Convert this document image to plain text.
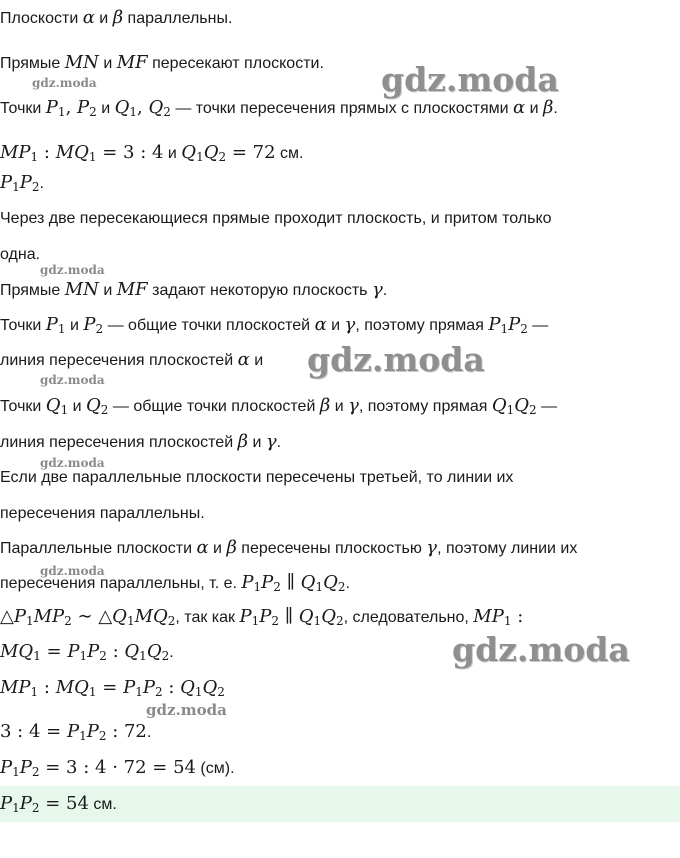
Плоскости α и β параллельны.
Прямые MN и MF пересекают плоскости.
Точки $P_1$, $P_2$ и $Q_1$, $Q_2$ — точки пересечения прямых с плоскостями α и β.
$MP_1$ : $MQ_1 = 3$ : 4 и $Q_1Q_2 = 72$ см.
$P_1P_2$.
Через две пересекающиеся прямые проходит плоскость, и притом только
одна.
Прямые MN и MF задают некоторую плоскость γ.
Точки $P_1$ и $P_2$ — общие точки плоскостей α и γ, поэтому прямая $P_1P_2$ —
линия пересечения плоскостей α и
Точки $Q_1$ и $Q_2$ — общие точки плоскостей β и γ, поэтому прямая $Q_1Q_2$ —
линия пересечения плоскостей β и γ.
Если две параллельные плоскости пересечены третьей, то линии их
пересечения параллельны.
Параллельные плоскости α и β пересечены плоскостью γ, поэтому линии их
пересечения параллельны, т. е. $P_1P_2$ ∥ $Q_1Q_2$.
$\triangle P_1MP_2$ ∼ $\triangle Q_1MQ_2$, так как $P_1P_2$ ∥ $Q_1Q_2$, следовательно, $MP_1$ :
$MQ_1 = P_1P_2$ : $Q_1Q_2$.
$MP_1$ : $MQ_1 = P_1P_2$ : $Q_1Q_2$
3 : $4 = P_1P_2$ : 72.
$P_1P_2 = 3$ : 4 · 72 = 54 (см).
$P_1P_2 = 54$ см.
gdz.moda	gdz.moda
gdz.moda
gdz.moda
gdz.moda
gdz.moda
gdz.moda
gdz.moda
gdz.moda
